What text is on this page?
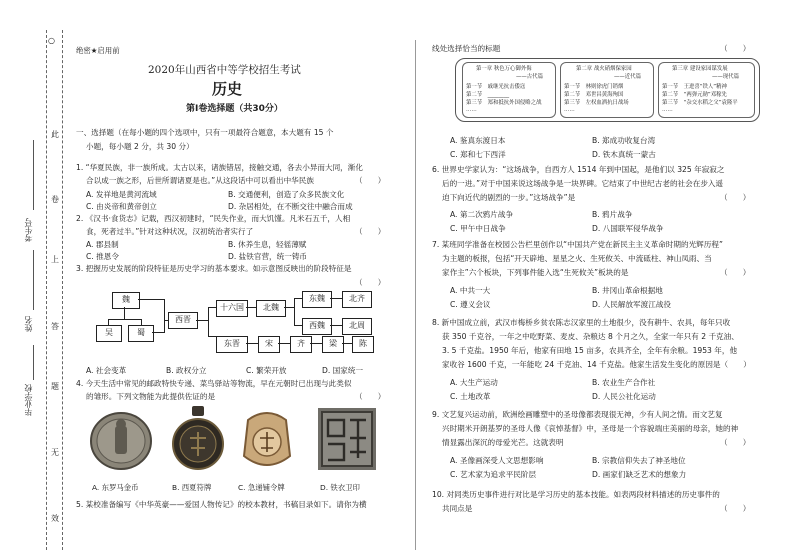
○
此
卷
上
答
题
无
效
考生号
姓名
毕业学校
绝密★启用前
2020年山西省中等学校招生考试
历史
第Ⅰ卷选择题（共30分）
一、选择题（在每小题的四个选项中，只有一项最符合题意，本大题有 15 个
小题，每小题 2 分，共 30 分）
1. “华夏民族，非一族所成。太古以来，诸族错居，接触交通，各去小异而大同，渐化
合以成一族之形，后世所谓诸夏是也。”从这段话中可以看出中华民族	（　　）
A. 发祥地是黄河流域	B. 交通便利，创造了众多民族文化
C. 由炎帝和黄帝创立	D. 杂居相处，在不断交往中融合而成
2. 《汉书·食货志》记载，西汉初建时，“民失作业，而大饥馑。凡米石五千，人相
食，死者过半。”针对这种状况，汉初统治者实行了	（　　）
A. 郡县制	B. 休养生息，轻徭薄赋
C. 推恩令	D. 盐铁官营，统一铸币
3. 把握历史发展的阶段特征是历史学习的基本要求。如示意图反映出的阶段特征是
（　　）
魏
吴	蜀
西晋
十六国	北魏
东魏	北齐
西魏	北周
东晋	宋	齐	梁	陈
A. 社会变革	B. 政权分立	C. 繁荣开放	D. 国家统一
4. 今天生活中常见的邮政特快专递、菜鸟驿站等物流，早在元朝时已出现与此类似
的雏形。下列文物能为此提供佐证的是	（　　）
A. 东罗马金币	B. 西夏符牌	C. 急递铺令牌	D. 铁衣卫印
5. 某校准备编写《中华英豪——爱国人物传记》的校本教材，书稿目录如下。请你为横
线处选择恰当的标题	（　　）
第一章 秋色万心御外侮
——古代篇
第一节　戚继光抗击倭寇
第二节　________
第三节　郑和抵抗外国侵略之战
……
第二章 战火硝烟保家园
——近代篇
第一节　林则徐虎门销烟
第二节　邓世昌黄海殉国
第三节　左权血洒抗日战场
……
第三章 建设家园谋发展
——现代篇
第一节　王进喜“铁人”精神
第二节　“两弹元勋”邓稼先
第三节　“杂交水稻之父”袁隆平
……
A. 鉴真东渡日本	B. 郑成功收复台湾
C. 郑和七下西洋	D. 铁木真统一蒙古
6. 世界史学家认为：“这场战争，自西方人 1514 年到中国起，是他们以 325 年寂寂之
后的一进。”对于中国来说这场战争是一块界碑。它结束了中世纪古老的社会在步入遥
迫下向近代的剧烈的一步。”这场战争”是	（　　）
A. 第二次鸦片战争	B. 鸦片战争
C. 甲午中日战争	D. 八国联军侵华战争
7. 某班同学准备在校园公告栏里创作以“中国共产党在新民主主义革命时期的光辉历程”
为主题的板报，包括“开天辟地、星星之火、生死攸关、中流砥柱、神山凤雨、当
家作主”六个板块，下列事件能入选“生死攸关”板块的是	（　　）
A. 中共一大	B. 井冈山革命根据地
C. 遵义会议	D. 人民解放军渡江战役
8. 新中国成立前，武汉市梅桥乡贫农陈志汉家里的土地很少，没有耕牛、农具，每年只收
获 350 千克谷，一年之中吃野菜、麦皮、杂粮达 8 个月之久，全家一年只有 2 千克油、
3. 5 千克盐。1950 年后，他家有田地 15 亩多，农具齐全，全年有余粮。1953 年，他
家收谷 1600 千克，一年能吃 24 千克油、14 千克盐。他家生活发生变化的原因是（　　）
A. 大生产运动	B. 农业生产合作社
C. 土地改革	D. 人民公社化运动
9. 文艺复兴运动前，欧洲绘画雕塑中的圣母像都表现很无神，少有人间之情。而文艺复
兴时期米开朗基罗的圣母人像《哀悼基督》中，圣母是一个容貌端庄美丽的母亲，她的神
情显露出深沉的母爱光芒。这就表明	（　　）
A. 圣像画深受人文思想影响	B. 宗教信仰失去了神圣地位
C. 艺术家为追求平民阶层	D. 画家们缺乏艺术的想象力
10. 对同类历史事件进行对比是学习历史的基本技能。如表两段材料描述的历史事件的
共同点是	（　　）
